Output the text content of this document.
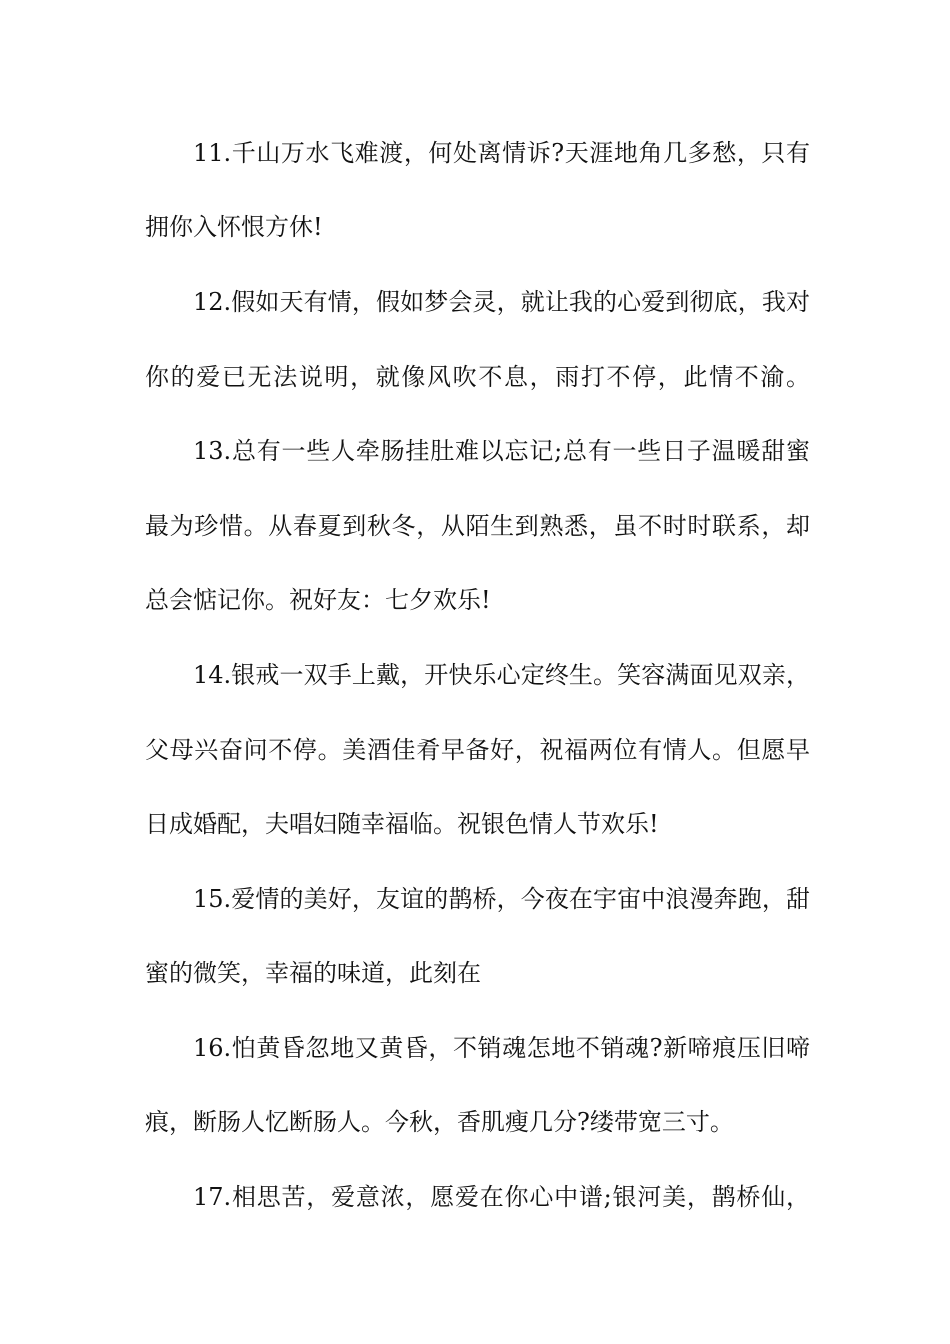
11.千山万水飞难渡，何处离情诉?天涯地角几多愁，只有
拥你入怀恨方休!
12.假如天有情，假如梦会灵，就让我的心爱到彻底，我对
你的爱已无法说明，就像风吹不息，雨打不停，此情不渝。
13.总有一些人牵肠挂肚难以忘记;总有一些日子温暖甜蜜
最为珍惜。从春夏到秋冬，从陌生到熟悉，虽不时时联系，却
总会惦记你。祝好友：七夕欢乐!
14.银戒一双手上戴，开快乐心定终生。笑容满面见双亲，
父母兴奋问不停。美酒佳肴早备好，祝福两位有情人。但愿早
日成婚配，夫唱妇随幸福临。祝银色情人节欢乐!
15.爱情的美好，友谊的鹊桥，今夜在宇宙中浪漫奔跑，甜
蜜的微笑，幸福的味道，此刻在
16.怕黄昏忽地又黄昏，不销魂怎地不销魂?新啼痕压旧啼
痕，断肠人忆断肠人。今秋，香肌瘦几分?缕带宽三寸。
17.相思苦，爱意浓，愿爱在你心中谱;银河美，鹊桥仙，
